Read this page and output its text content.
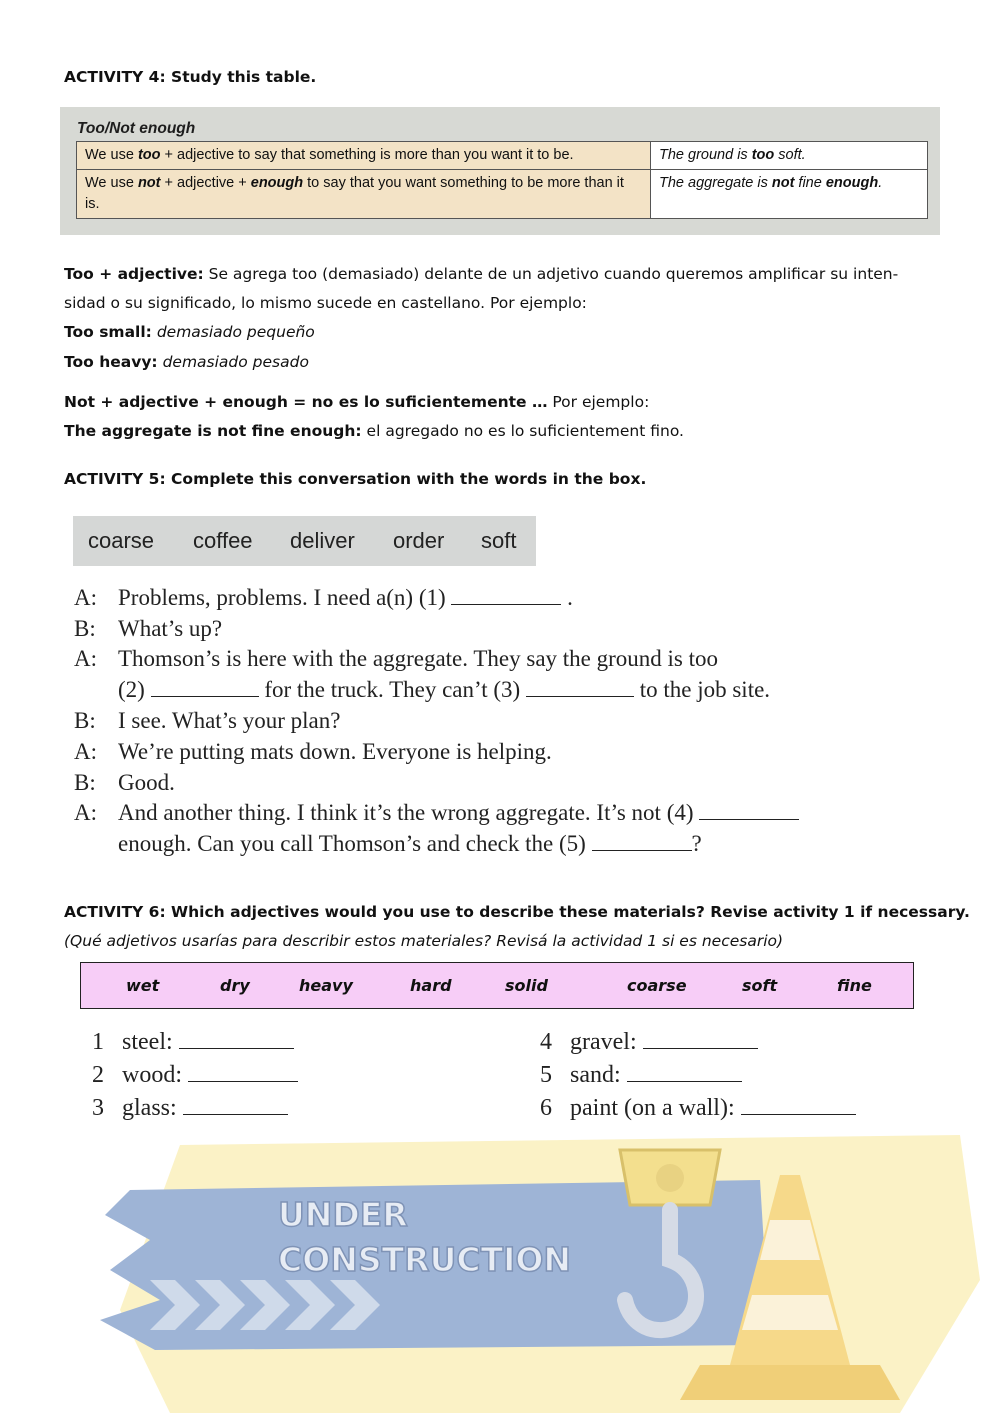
ACTIVITY 4: Study this table.
Too/Not enough
We use too + adjective to say that something is more than you want it to be.	The ground is too soft.
We use not + adjective + enough to say that you want something to be more than it is.	The aggregate is not fine enough.
Too + adjective: Se agrega too (demasiado) delante de un adjetivo cuando queremos amplificar su inten-
sidad o su significado, lo mismo sucede en castellano. Por ejemplo:
Too small: demasiado pequeño
Too heavy: demasiado pesado
Not + adjective + enough = no es lo suficientemente … Por ejemplo:
The aggregate is not fine enough: el agregado no es lo suficientement fino.
ACTIVITY 5: Complete this conversation with the words in the box.
coarse coffee deliver order soft
A: Problems, problems. I need a(n) (1)	.
B: What’s up?
A: Thomson’s is here with the aggregate. They say the ground is too
(2)	for the truck. They can’t (3)	to the job site.
B: I see. What’s your plan?
A: We’re putting mats down. Everyone is helping.
B: Good.
A: And another thing. I think it’s the wrong aggregate. It’s not (4)
enough. Can you call Thomson’s and check the (5)	?
ACTIVITY 6: Which adjectives would you use to describe these materials? Revise activity 1 if necessary.
(Qué adjetivos usarías para describir estos materiales? Revisá la actividad 1 si es necesario)
wet	dry	heavy	hard	solid	coarse	soft	fine
1 steel:
2 wood:
3 glass:
4 gravel:
5 sand:
6 paint (on a wall):
UNDER
CONSTRUCTION
